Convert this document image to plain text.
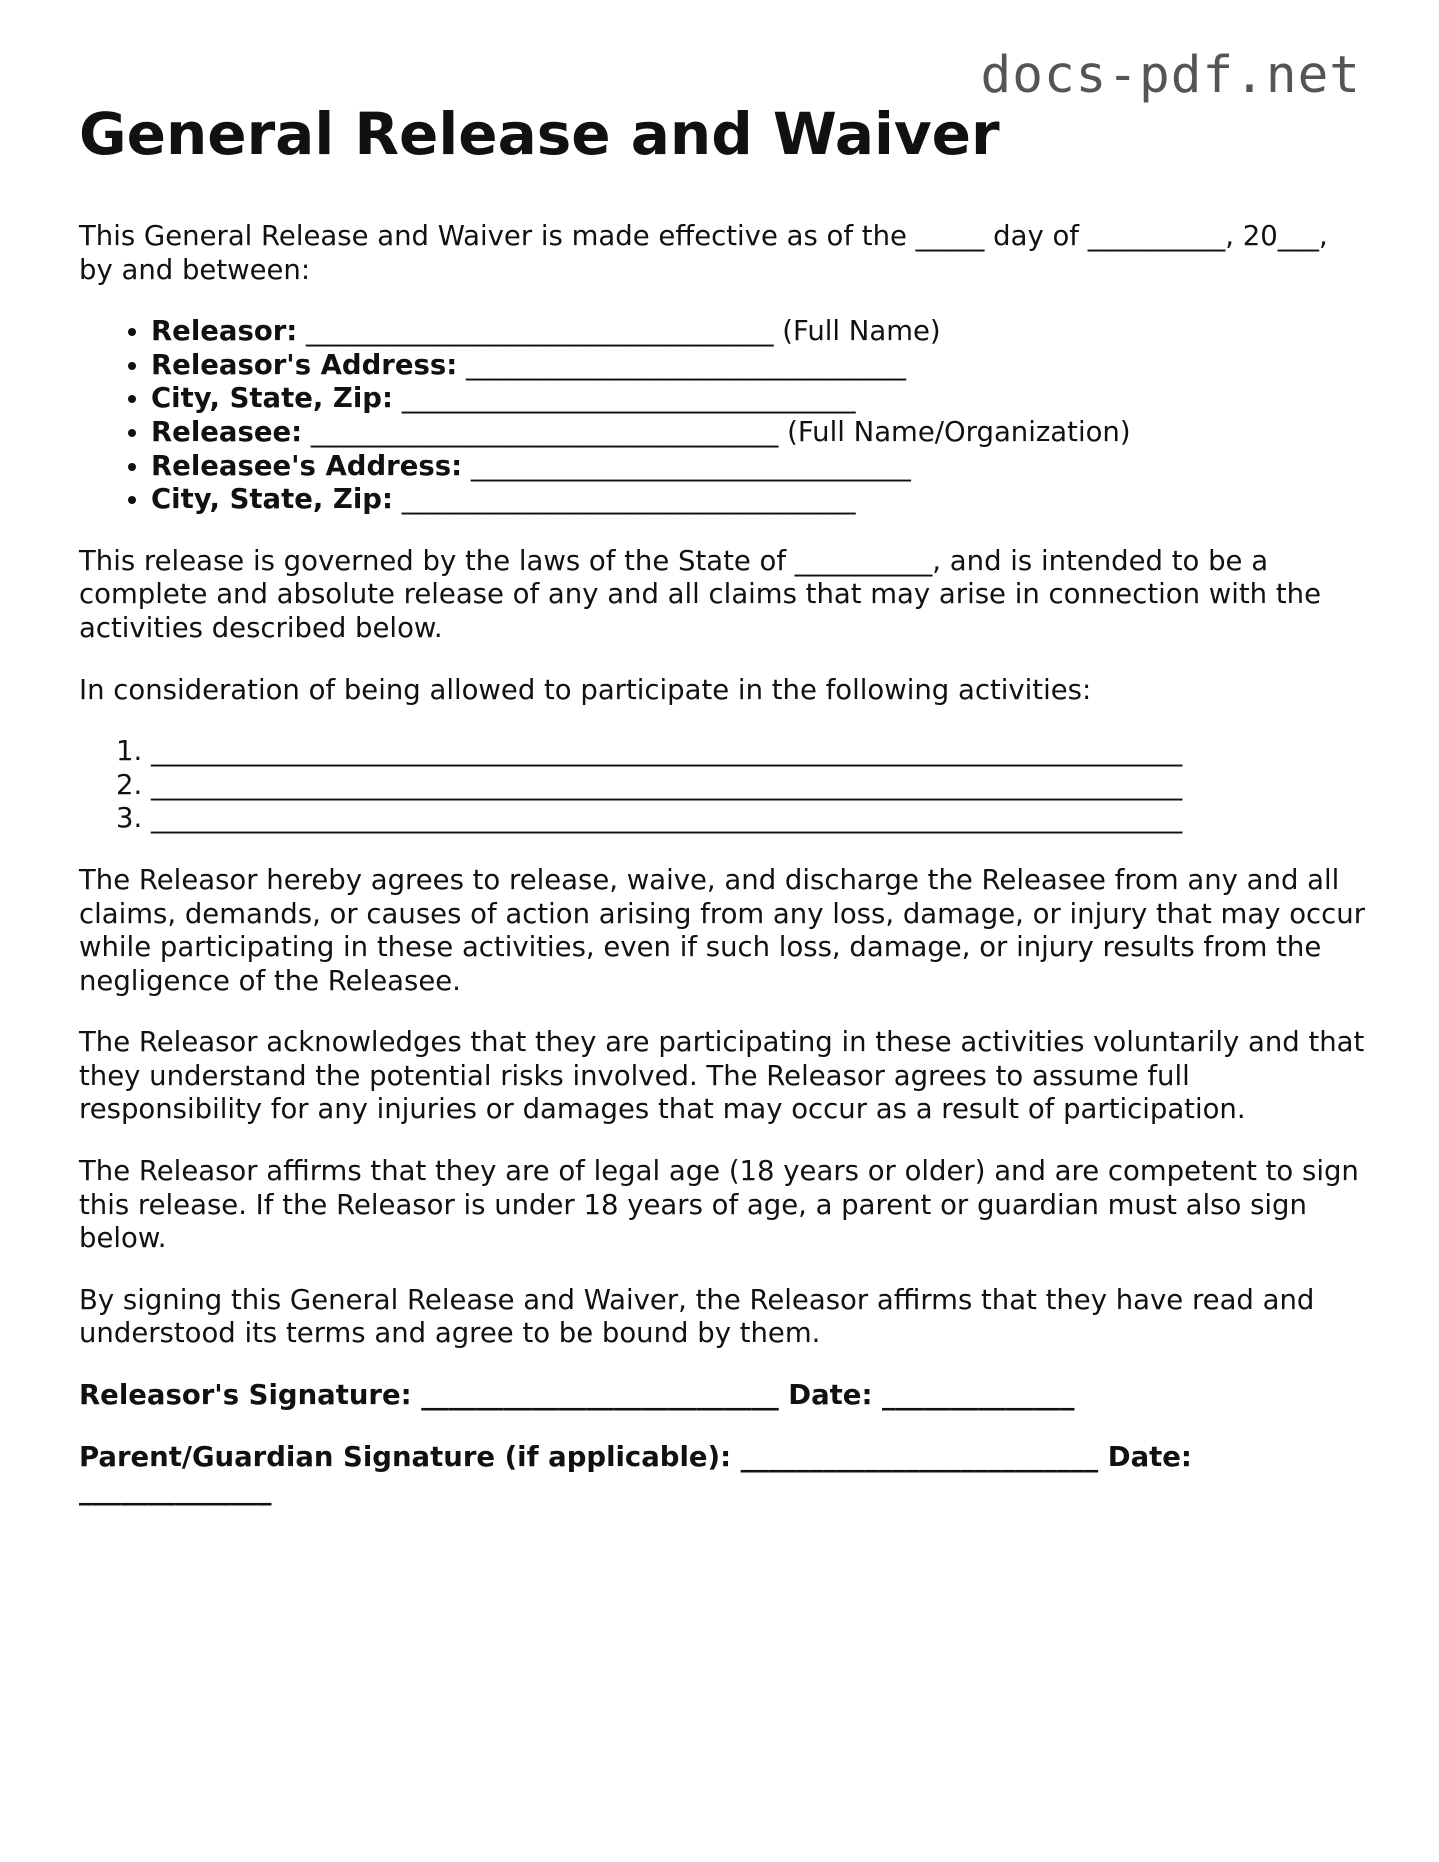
docs-pdf.net
General Release and Waiver

This General Release and Waiver is made effective as of the _____ day of __________, 20___, by and between:

• Releasor: __________________________________ (Full Name)
• Releasor's Address: ________________________________
• City, State, Zip: _________________________________
• Releasee: __________________________________ (Full Name/Organization)
• Releasee's Address: ________________________________
• City, State, Zip: _________________________________

This release is governed by the laws of the State of __________, and is intended to be a complete and absolute release of any and all claims that may arise in connection with the activities described below.

In consideration of being allowed to participate in the following activities:

1. ___________________________________________________________________________
2. ___________________________________________________________________________
3. ___________________________________________________________________________

The Releasor hereby agrees to release, waive, and discharge the Releasee from any and all claims, demands, or causes of action arising from any loss, damage, or injury that may occur while participating in these activities, even if such loss, damage, or injury results from the negligence of the Releasee.

The Releasor acknowledges that they are participating in these activities voluntarily and that they understand the potential risks involved. The Releasor agrees to assume full responsibility for any injuries or damages that may occur as a result of participation.

The Releasor affirms that they are of legal age (18 years or older) and are competent to sign this release. If the Releasor is under 18 years of age, a parent or guardian must also sign below.

By signing this General Release and Waiver, the Releasor affirms that they have read and understood its terms and agree to be bound by them.

Releasor's Signature: __________________________ Date: ______________

Parent/Guardian Signature (if applicable): __________________________ Date: ______________
